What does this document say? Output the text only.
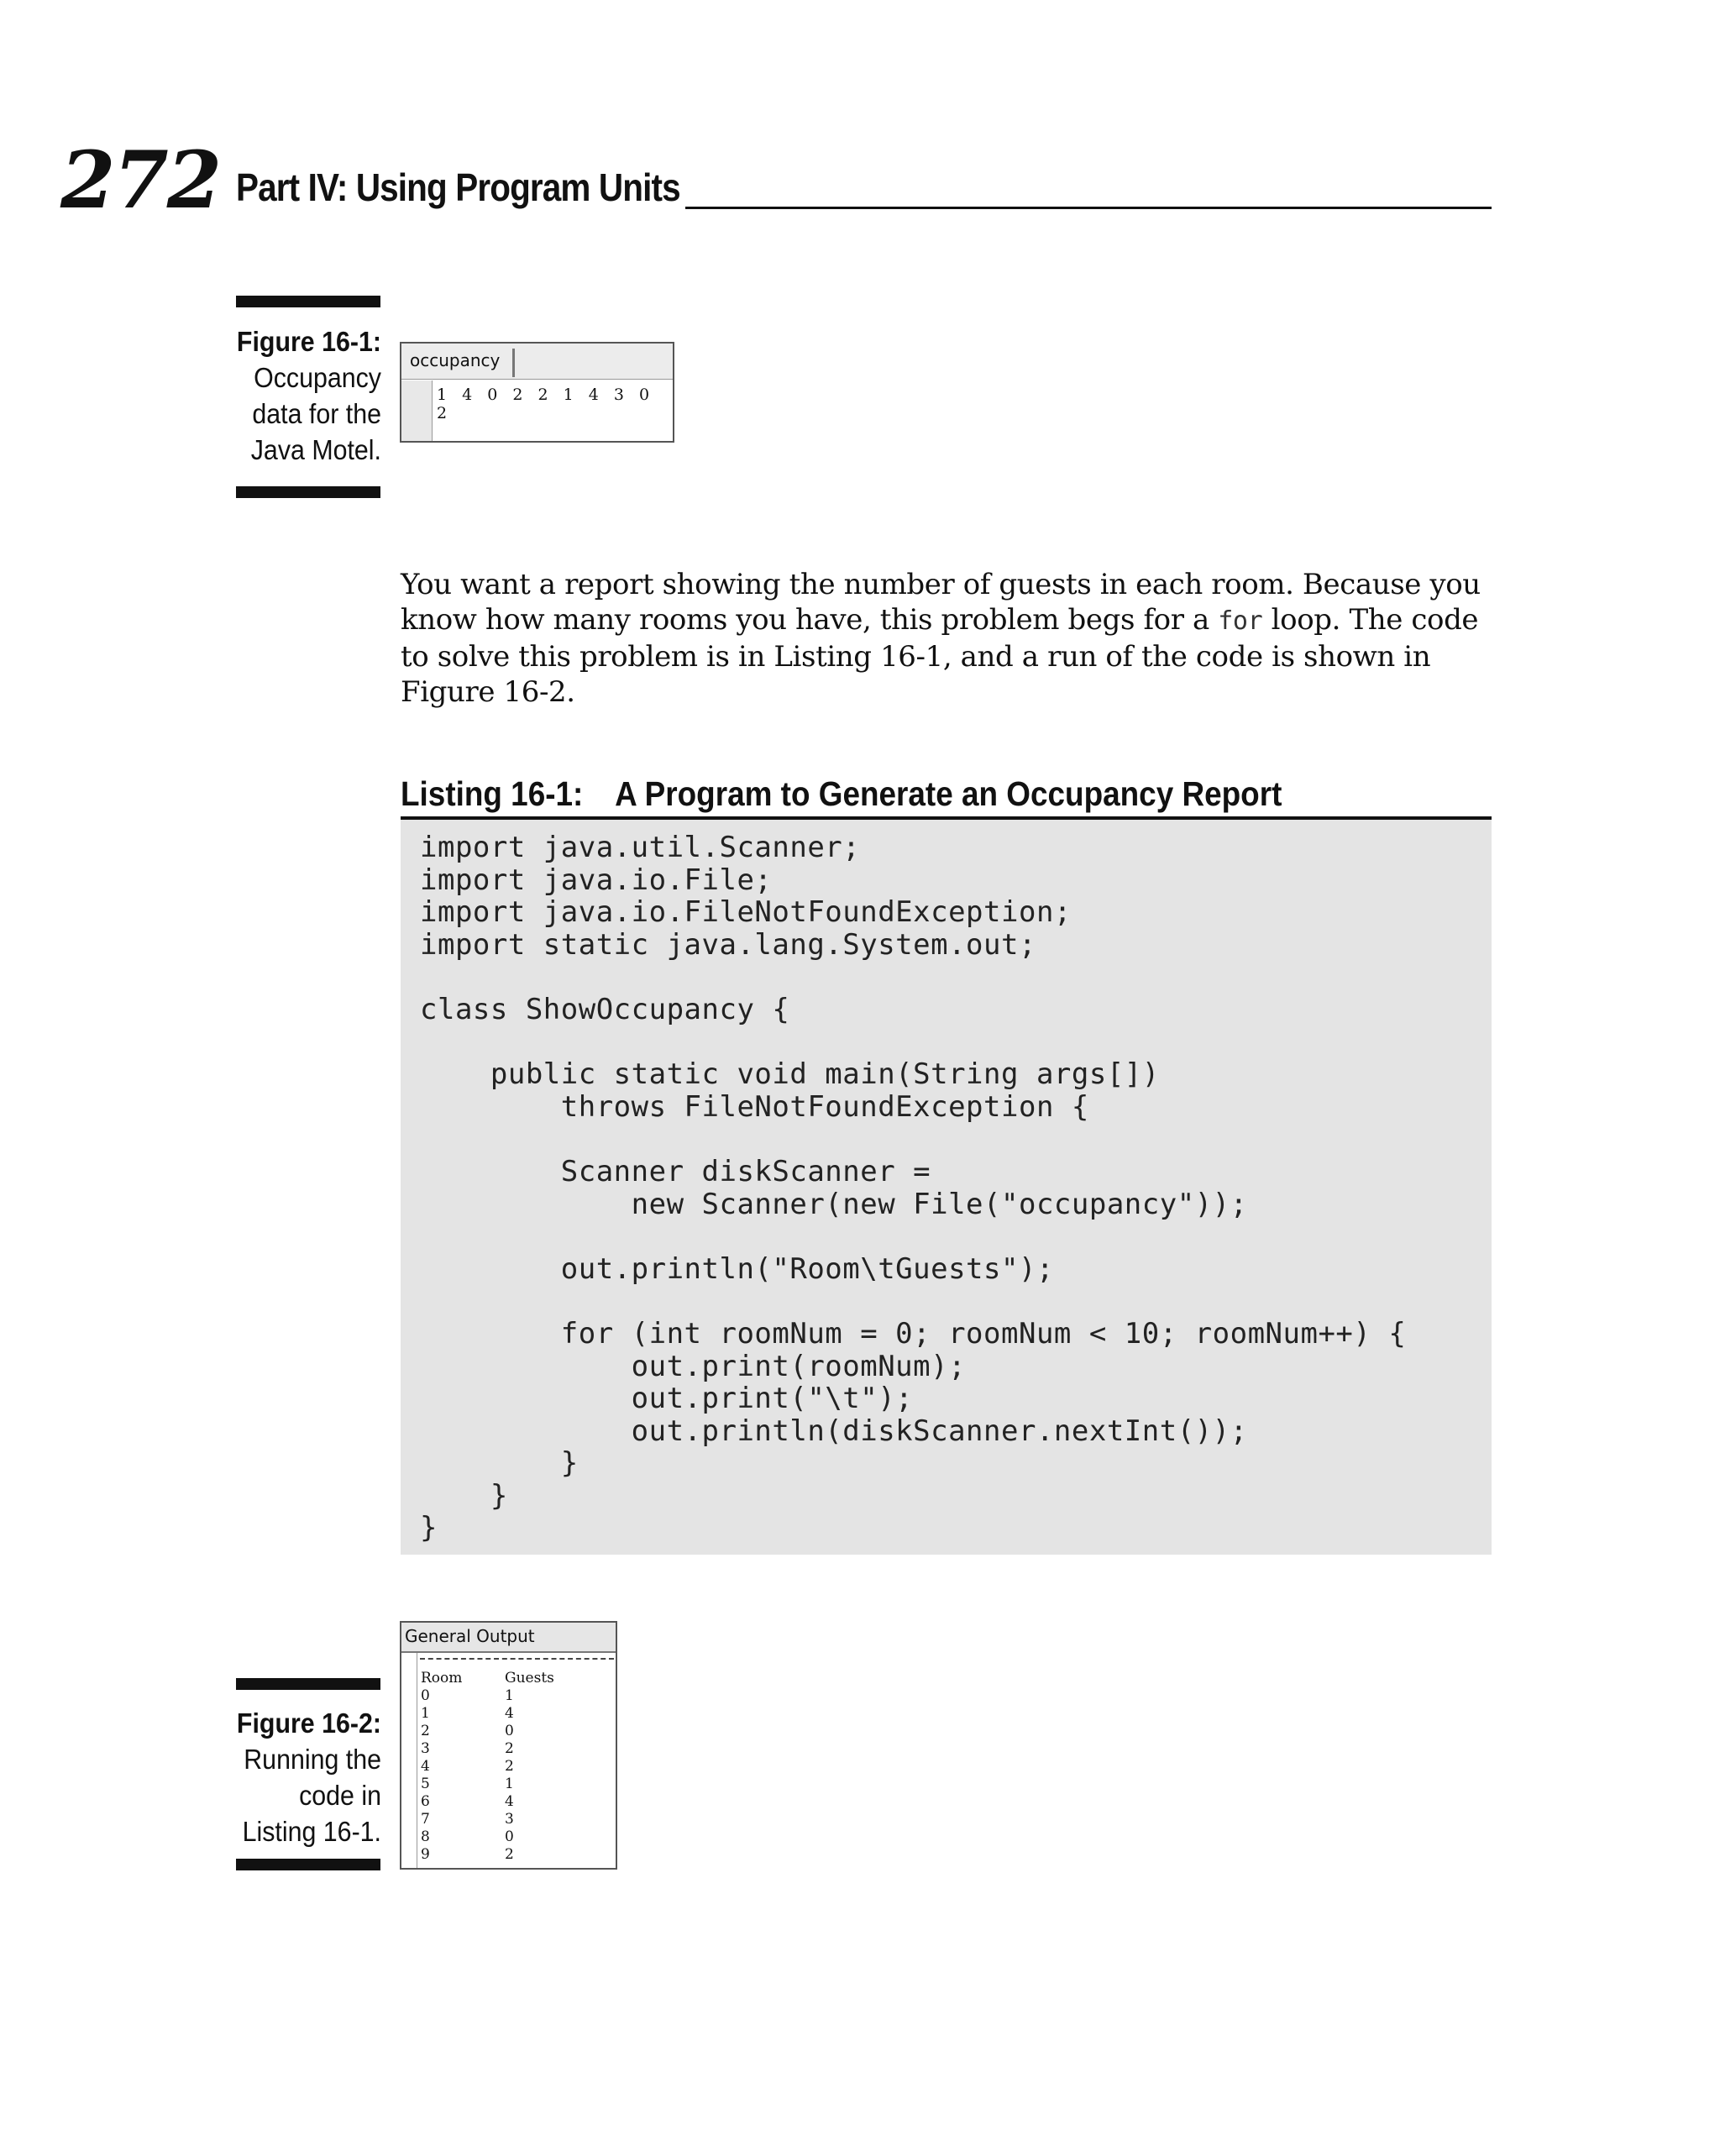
272 Part IV: Using Program Units
Figure 16-1:
Occupancy data for the Java Motel.
occupancy
1 4 0 2 2 1 4 3 0 2
You want a report showing the number of guests in each room. Because you know how many rooms you have, this problem begs for a for loop. The code to solve this problem is in Listing 16-1, and a run of the code is shown in Figure 16-2.
Listing 16-1: A Program to Generate an Occupancy Report
import java.util.Scanner;
import java.io.File;
import java.io.FileNotFoundException;
import static java.lang.System.out;

class ShowOccupancy {

public static void main(String args[])
throws FileNotFoundException {

Scanner diskScanner =
new Scanner(new File("occupancy"));

out.println("Room\tGuests");

for (int roomNum = 0; roomNum < 10; roomNum++) {
out.print(roomNum);
out.print("\t");
out.println(diskScanner.nextInt());
}
}
}
General Output
Room	Guests
0	1
1	4
2	0
3	2
4	2
5	1
6	4
7	3
8	0
9	2
Figure 16-2:
Running the code in Listing 16-1.
